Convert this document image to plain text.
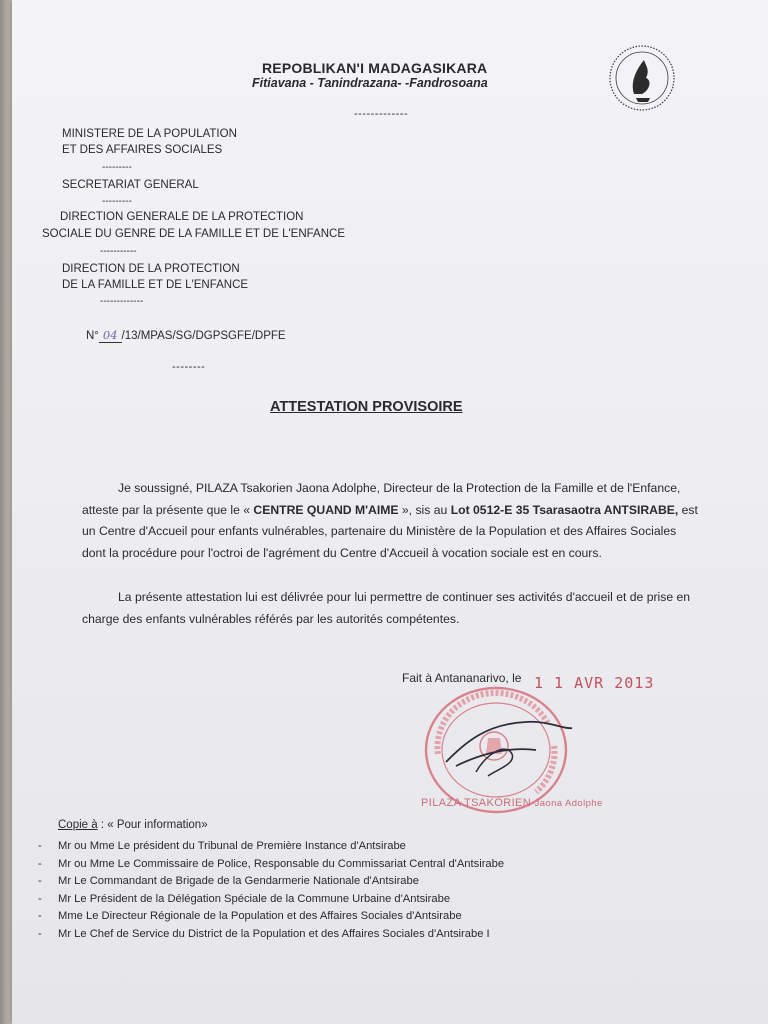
REPOBLIKAN'I MADAGASIKARA
Fitiavana - Tanindrazana- -Fandrosoana
-------------
MINISTERE DE LA POPULATION
ET DES AFFAIRES SOCIALES
---------
SECRETARIAT GENERAL
---------
DIRECTION GENERALE DE LA PROTECTION
SOCIALE DU GENRE DE LA FAMILLE ET DE L'ENFANCE
-----------
DIRECTION DE LA PROTECTION
DE LA FAMILLE ET DE L'ENFANCE
-------------
N° 04 /13/MPAS/SG/DGPSGFE/DPFE
--------
ATTESTATION PROVISOIRE
Je soussigné, PILAZA Tsakorien Jaona Adolphe, Directeur de la Protection de la Famille et de l'Enfance, atteste par la présente que le « CENTRE QUAND M'AIME », sis au Lot 0512-E 35 Tsarasaotra ANTSIRABE, est un Centre d'Accueil pour enfants vulnérables, partenaire du Ministère de la Population et des Affaires Sociales dont la procédure pour l'octroi de l'agrément du Centre d'Accueil à vocation sociale est en cours.
La présente attestation lui est délivrée pour lui permettre de continuer ses activités d'accueil et de prise en charge des enfants vulnérables référés par les autorités compétentes.
Fait à Antananarivo, le 1 1 AVR 2013
PILAZA TSAKORIEN Jaona Adolphe
Copie à : « Pour information»
- Mr ou Mme Le président du Tribunal de Première Instance d'Antsirabe
- Mr ou Mme Le Commissaire de Police, Responsable du Commissariat Central d'Antsirabe
- Mr Le Commandant de Brigade de la Gendarmerie Nationale d'Antsirabe
- Mr Le Président de la Délégation Spéciale de la Commune Urbaine d'Antsirabe
- Mme Le Directeur Régionale de la Population et des Affaires Sociales d'Antsirabe
- Mr Le Chef de Service du District de la Population et des Affaires Sociales d'Antsirabe I
